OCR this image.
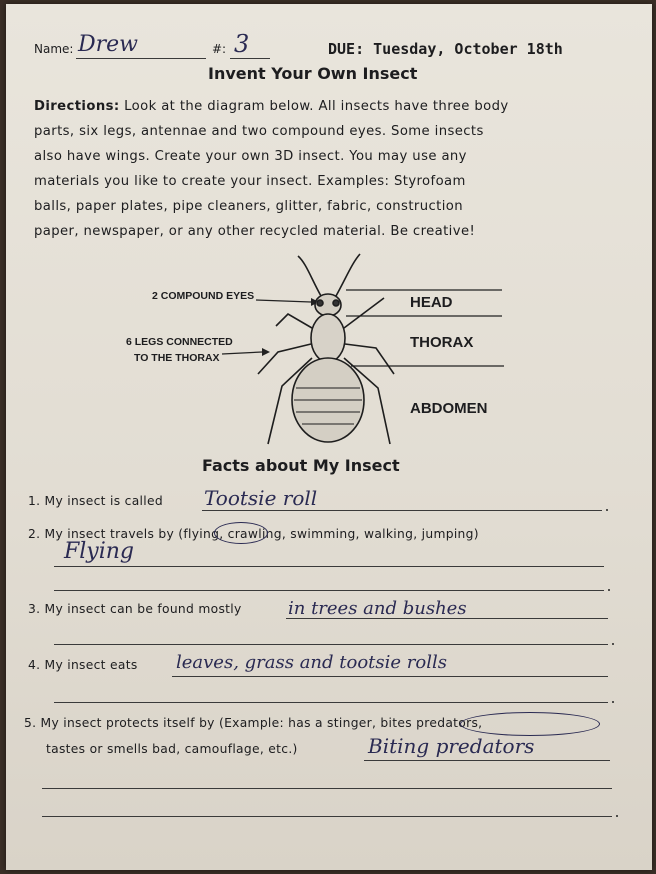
Name: Drew	#: 3	DUE: Tuesday, October 18th
Invent Your Own Insect
Directions: Look at the diagram below. All insects have three body
parts, six legs, antennae and two compound eyes. Some insects
also have wings. Create your own 3D insect. You may use any
materials you like to create your insect. Examples: Styrofoam
balls, paper plates, pipe cleaners, glitter, fabric, construction
paper, newspaper, or any other recycled material. Be creative!
2 COMPOUND EYES
6 LEGS CONNECTED
TO THE THORAX
HEAD
THORAX
ABDOMEN
Facts about My Insect
1. My insect is called Tootsie roll
2. My insect travels by (flying, crawling, swimming, walking, jumping)
Flying
3. My insect can be found mostly	in trees and bushes
4. My insect eats leaves, grass and tootsie rolls
5. My insect protects itself by (Example: has a stinger, bites predators,
tastes or smells bad, camouflage, etc.)	Biting predators
